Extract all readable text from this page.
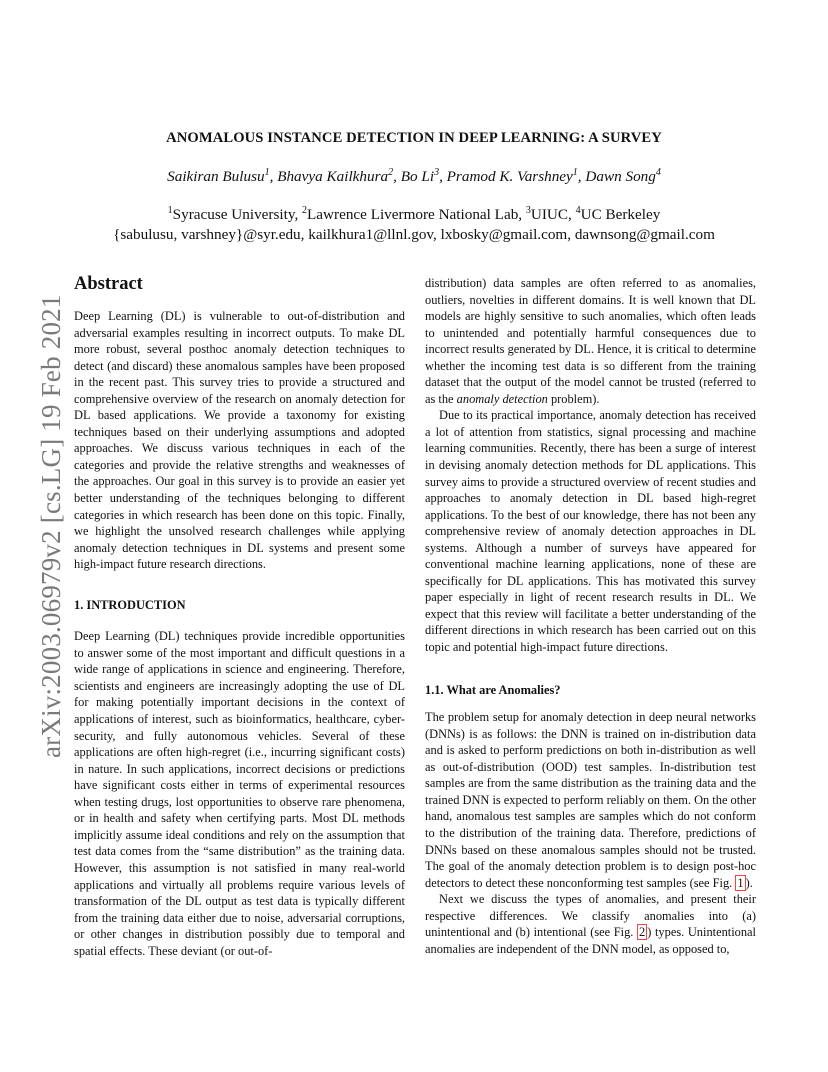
ANOMALOUS INSTANCE DETECTION IN DEEP LEARNING: A SURVEY
Saikiran Bulusu$^1$, Bhavya Kailkhura$^2$, Bo Li$^3$, Pramod K. Varshney$^1$, Dawn Song$^4$
$^1$Syracuse University, $^2$Lawrence Livermore National Lab, $^3$UIUC, $^4$UC Berkeley
{sabulusu, varshney}@syr.edu, kailkhura1@llnl.gov, lxbosky@gmail.com, dawnsong@gmail.com
arXiv:2003.06979v2 [cs.LG] 19 Feb 2021
Abstract

Deep Learning (DL) is vulnerable to out-of-distribution and adversarial examples resulting in incorrect outputs. To make DL more robust, several posthoc anomaly detection techniques to detect (and discard) these anomalous samples have been proposed in the recent past. This survey tries to provide a structured and comprehensive overview of the research on anomaly detection for DL based applications. We provide a taxonomy for existing techniques based on their underlying assumptions and adopted approaches. We discuss various techniques in each of the categories and provide the relative strengths and weaknesses of the approaches. Our goal in this survey is to provide an easier yet better understanding of the techniques belonging to different categories in which research has been done on this topic. Finally, we highlight the unsolved research challenges while applying anomaly detection techniques in DL systems and present some high-impact future research directions.

1. INTRODUCTION

Deep Learning (DL) techniques provide incredible opportunities to answer some of the most important and difficult questions in a wide range of applications in science and engineering. Therefore, scientists and engineers are increasingly adopting the use of DL for making potentially important decisions in the context of applications of interest, such as bioinformatics, healthcare, cyber-security, and fully autonomous vehicles. Several of these applications are often high-regret (i.e., incurring significant costs) in nature. In such applications, incorrect decisions or predictions have significant costs either in terms of experimental resources when testing drugs, lost opportunities to observe rare phenomena, or in health and safety when certifying parts. Most DL methods implicitly assume ideal conditions and rely on the assumption that test data comes from the “same distribution” as the training data. However, this assumption is not satisfied in many real-world applications and virtually all problems require various levels of transformation of the DL output as test data is typically different from the training data either due to noise, adversarial corruptions, or other changes in distribution possibly due to temporal and spatial effects. These deviant (or out-of-

distribution) data samples are often referred to as anomalies, outliers, novelties in different domains. It is well known that DL models are highly sensitive to such anomalies, which often leads to unintended and potentially harmful consequences due to incorrect results generated by DL. Hence, it is critical to determine whether the incoming test data is so different from the training dataset that the output of the model cannot be trusted (referred to as the anomaly detection problem).

Due to its practical importance, anomaly detection has received a lot of attention from statistics, signal processing and machine learning communities. Recently, there has been a surge of interest in devising anomaly detection methods for DL applications. This survey aims to provide a structured overview of recent studies and approaches to anomaly detection in DL based high-regret applications. To the best of our knowledge, there has not been any comprehensive review of anomaly detection approaches in DL systems. Although a number of surveys have appeared for conventional machine learning applications, none of these are specifically for DL applications. This has motivated this survey paper especially in light of recent research results in DL. We expect that this review will facilitate a better understanding of the different directions in which research has been carried out on this topic and potential high-impact future directions.

1.1. What are Anomalies?

The problem setup for anomaly detection in deep neural networks (DNNs) is as follows: the DNN is trained on in-distribution data and is asked to perform predictions on both in-distribution as well as out-of-distribution (OOD) test samples. In-distribution test samples are from the same distribution as the training data and the trained DNN is expected to perform reliably on them. On the other hand, anomalous test samples are samples which do not conform to the distribution of the training data. Therefore, predictions of DNNs based on these anomalous samples should not be trusted. The goal of the anomaly detection problem is to design post-hoc detectors to detect these nonconforming test samples (see Fig. 1 ).

Next we discuss the types of anomalies, and present their respective differences. We classify anomalies into (a) unintentional and (b) intentional (see Fig. 2 ) types. Unintentional anomalies are independent of the DNN model, as opposed to,
